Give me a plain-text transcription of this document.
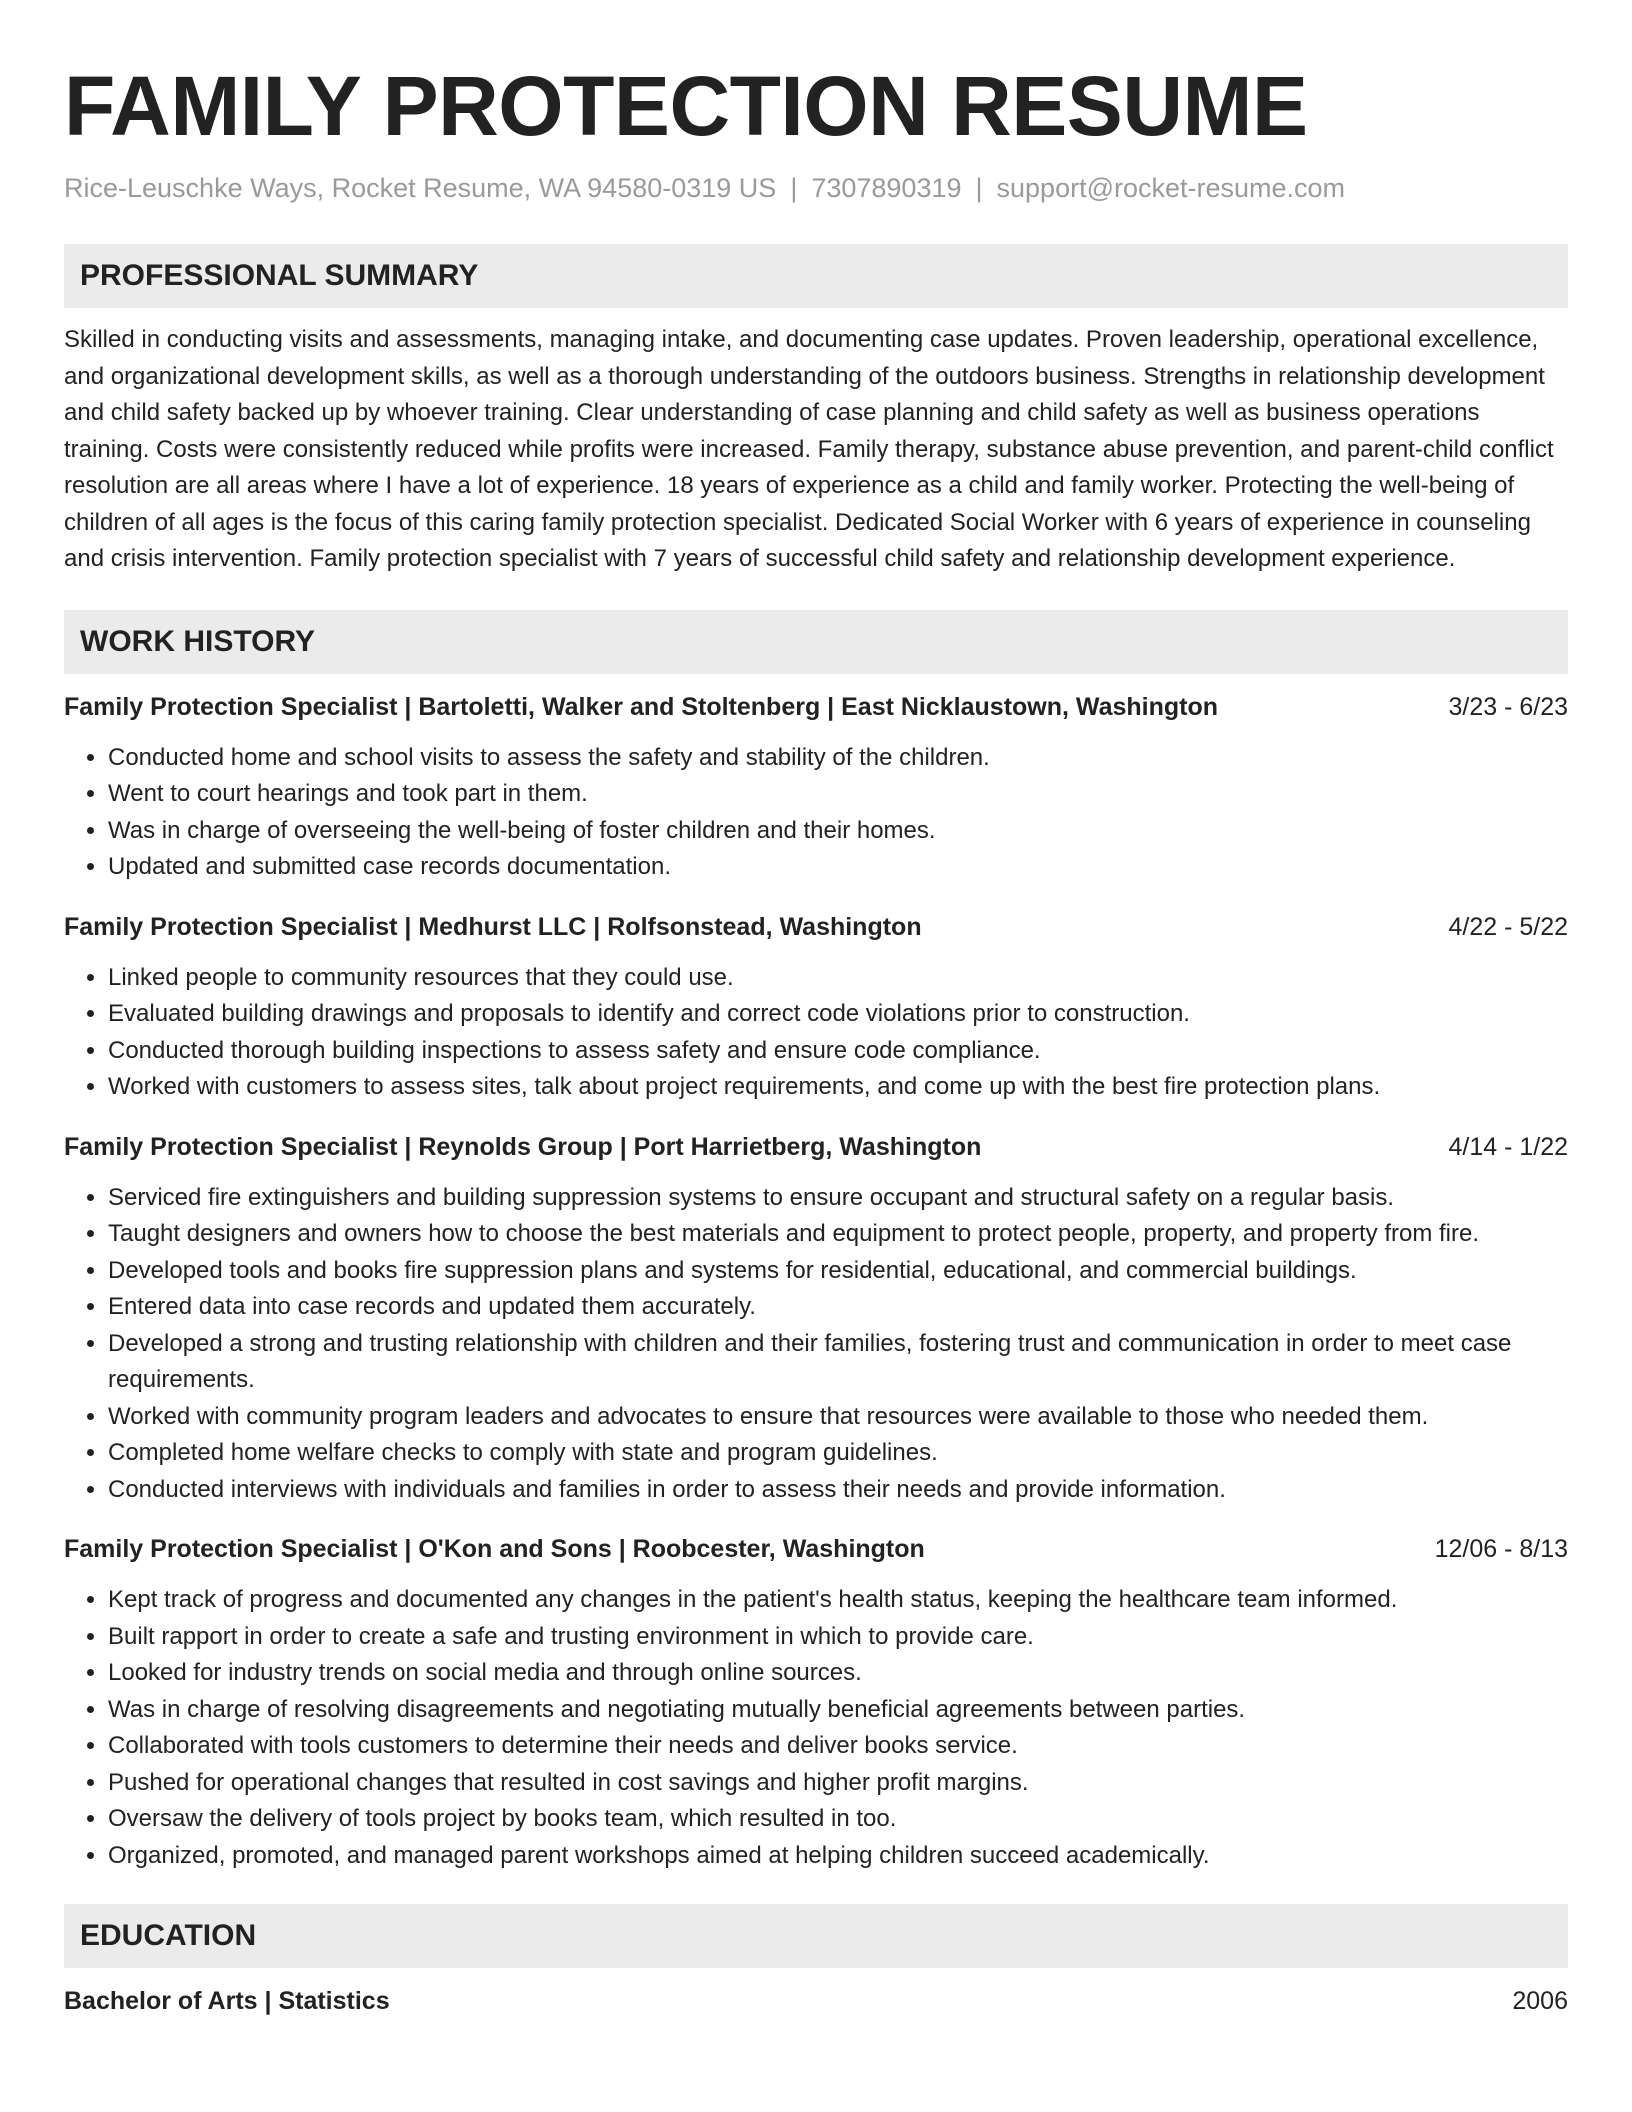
FAMILY PROTECTION RESUME
Rice-Leuschke Ways, Rocket Resume, WA 94580-0319 US | 7307890319 | support@rocket-resume.com
PROFESSIONAL SUMMARY

Skilled in conducting visits and assessments, managing intake, and documenting case updates. Proven leadership, operational excellence, and organizational development skills, as well as a thorough understanding of the outdoors business. Strengths in relationship development and child safety backed up by whoever training. Clear understanding of case planning and child safety as well as business operations training. Costs were consistently reduced while profits were increased. Family therapy, substance abuse prevention, and parent-child conflict resolution are all areas where I have a lot of experience. 18 years of experience as a child and family worker. Protecting the well-being of children of all ages is the focus of this caring family protection specialist. Dedicated Social Worker with 6 years of experience in counseling and crisis intervention. Family protection specialist with 7 years of successful child safety and relationship development experience.

WORK HISTORY
Family Protection Specialist | Bartoletti, Walker and Stoltenberg | East Nicklaustown, Washington	3/23 - 6/23
• Conducted home and school visits to assess the safety and stability of the children.
• Went to court hearings and took part in them.
• Was in charge of overseeing the well-being of foster children and their homes.
• Updated and submitted case records documentation.
Family Protection Specialist | Medhurst LLC | Rolfsonstead, Washington	4/22 - 5/22
• Linked people to community resources that they could use.
• Evaluated building drawings and proposals to identify and correct code violations prior to construction.
• Conducted thorough building inspections to assess safety and ensure code compliance.
• Worked with customers to assess sites, talk about project requirements, and come up with the best fire protection plans.
Family Protection Specialist | Reynolds Group | Port Harrietberg, Washington	4/14 - 1/22
• Serviced fire extinguishers and building suppression systems to ensure occupant and structural safety on a regular basis.
• Taught designers and owners how to choose the best materials and equipment to protect people, property, and property from fire.
• Developed tools and books fire suppression plans and systems for residential, educational, and commercial buildings.
• Entered data into case records and updated them accurately.
• Developed a strong and trusting relationship with children and their families, fostering trust and communication in order to meet case requirements.
• Worked with community program leaders and advocates to ensure that resources were available to those who needed them.
• Completed home welfare checks to comply with state and program guidelines.
• Conducted interviews with individuals and families in order to assess their needs and provide information.
Family Protection Specialist | O'Kon and Sons | Roobcester, Washington	12/06 - 8/13
• Kept track of progress and documented any changes in the patient's health status, keeping the healthcare team informed.
• Built rapport in order to create a safe and trusting environment in which to provide care.
• Looked for industry trends on social media and through online sources.
• Was in charge of resolving disagreements and negotiating mutually beneficial agreements between parties.
• Collaborated with tools customers to determine their needs and deliver books service.
• Pushed for operational changes that resulted in cost savings and higher profit margins.
• Oversaw the delivery of tools project by books team, which resulted in too.
• Organized, promoted, and managed parent workshops aimed at helping children succeed academically.
EDUCATION
Bachelor of Arts | Statistics	2006
